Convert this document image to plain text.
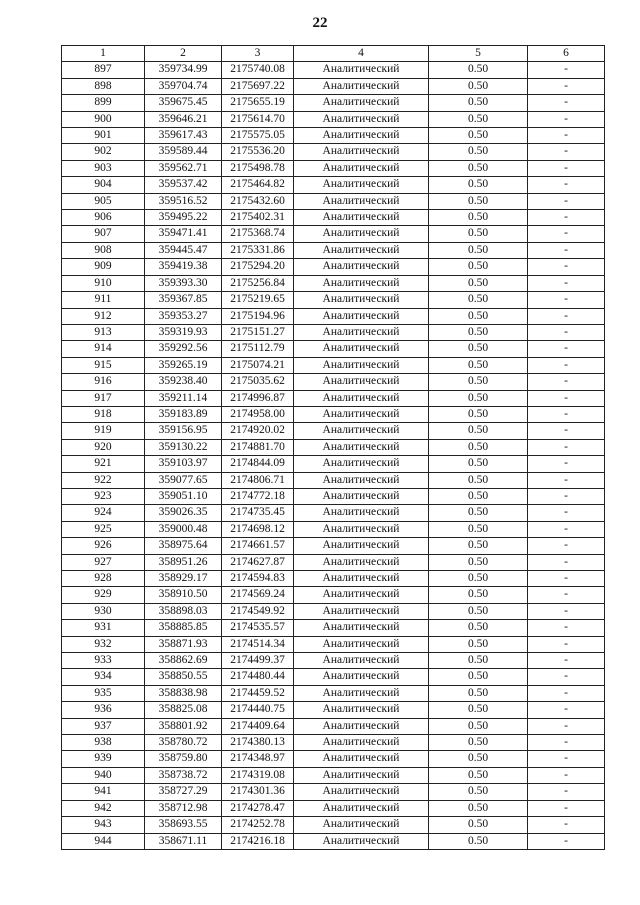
22
1	2	3	4	5	6
897	359734.99	2175740.08	Аналитический	0.50	-
898	359704.74	2175697.22	Аналитический	0.50	-
899	359675.45	2175655.19	Аналитический	0.50	-
900	359646.21	2175614.70	Аналитический	0.50	-
901	359617.43	2175575.05	Аналитический	0.50	-
902	359589.44	2175536.20	Аналитический	0.50	-
903	359562.71	2175498.78	Аналитический	0.50	-
904	359537.42	2175464.82	Аналитический	0.50	-
905	359516.52	2175432.60	Аналитический	0.50	-
906	359495.22	2175402.31	Аналитический	0.50	-
907	359471.41	2175368.74	Аналитический	0.50	-
908	359445.47	2175331.86	Аналитический	0.50	-
909	359419.38	2175294.20	Аналитический	0.50	-
910	359393.30	2175256.84	Аналитический	0.50	-
911	359367.85	2175219.65	Аналитический	0.50	-
912	359353.27	2175194.96	Аналитический	0.50	-
913	359319.93	2175151.27	Аналитический	0.50	-
914	359292.56	2175112.79	Аналитический	0.50	-
915	359265.19	2175074.21	Аналитический	0.50	-
916	359238.40	2175035.62	Аналитический	0.50	-
917	359211.14	2174996.87	Аналитический	0.50	-
918	359183.89	2174958.00	Аналитический	0.50	-
919	359156.95	2174920.02	Аналитический	0.50	-
920	359130.22	2174881.70	Аналитический	0.50	-
921	359103.97	2174844.09	Аналитический	0.50	-
922	359077.65	2174806.71	Аналитический	0.50	-
923	359051.10	2174772.18	Аналитический	0.50	-
924	359026.35	2174735.45	Аналитический	0.50	-
925	359000.48	2174698.12	Аналитический	0.50	-
926	358975.64	2174661.57	Аналитический	0.50	-
927	358951.26	2174627.87	Аналитический	0.50	-
928	358929.17	2174594.83	Аналитический	0.50	-
929	358910.50	2174569.24	Аналитический	0.50	-
930	358898.03	2174549.92	Аналитический	0.50	-
931	358885.85	2174535.57	Аналитический	0.50	-
932	358871.93	2174514.34	Аналитический	0.50	-
933	358862.69	2174499.37	Аналитический	0.50	-
934	358850.55	2174480.44	Аналитический	0.50	-
935	358838.98	2174459.52	Аналитический	0.50	-
936	358825.08	2174440.75	Аналитический	0.50	-
937	358801.92	2174409.64	Аналитический	0.50	-
938	358780.72	2174380.13	Аналитический	0.50	-
939	358759.80	2174348.97	Аналитический	0.50	-
940	358738.72	2174319.08	Аналитический	0.50	-
941	358727.29	2174301.36	Аналитический	0.50	-
942	358712.98	2174278.47	Аналитический	0.50	-
943	358693.55	2174252.78	Аналитический	0.50	-
944	358671.11	2174216.18	Аналитический	0.50	-
